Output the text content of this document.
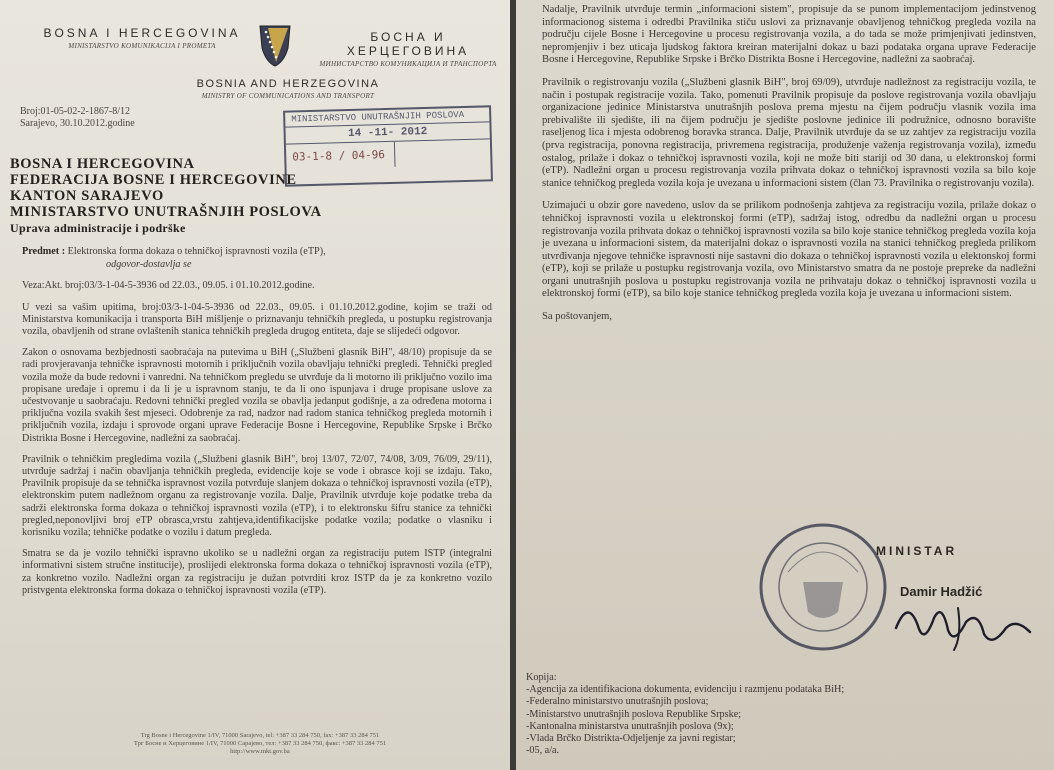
BOSNA I HERCEGOVINA
MINISTARSTVO KOMUNIKACIJA I PROMETA
БОСНА И ХЕРЦЕГОВИНА
МИНИСТАРСТВО КОМУНИКАЦИЈА И ТРАНСПОРТА
BOSNIA AND HERZEGOVINA
MINISTRY OF COMMUNICATIONS AND TRANSPORT
Broj:01-05-02-2-1867-8/12
Sarajevo, 30.10.2012.godine	MINISTARSTVO UNUTRAŠNJIH POSLOVA
14 -11- 2012
03-1-8 / 04-96
BOSNA I HERCEGOVINA
FEDERACIJA BOSNE I HERCEGOVINE
KANTON SARAJEVO
MINISTARSTVO UNUTRAŠNJIH POSLOVA
Uprava administracije i podrške

Predmet : Elektronska forma dokaza o tehničkoj ispravnosti vozila (eTP),

odgovor-dostavlja se

Veza:Akt. broj:03/3-1-04-5-3936 od 22.03., 09.05. i 01.10.2012.godine.

U vezi sa vašim upitima, broj:03/3-1-04-5-3936 od 22.03., 09.05. i 01.10.2012.godine, kojim se traži od Ministarstva komunikacija i transporta BiH mišljenje o priznavanju tehničkih pregleda, u postupku registrovanja vozila, obavljenih od strane ovlaštenih stanica tehničkih pregleda drugog entiteta, daje se slijedeći odgovor.

Zakon o osnovama bezbjednosti saobraćaja na putevima u BiH („Službeni glasnik BiH", 48/10) propisuje da se radi provjeravanja tehničke ispravnosti motornih i priključnih vozila obavljaju tehnički pregledi. Tehnički pregled vozila može da bude redovni i vanredni. Na tehničkom pregledu se utvrđuje da li motorno ili priključno vozilo ima propisane uređaje i opremu i da li je u ispravnom stanju, te da li ono ispunjava i druge propisane uslove za učestvovanje u saobraćaju. Redovni tehnički pregled vozila se obavlja jedanput godišnje, a za određena motorna i priključna vozila svakih šest mjeseci. Odobrenje za rad, nadzor nad radom stanica tehničkog pregleda motornih i priključnih vozila, izdaju i sprovode organi uprave Federacije Bosne i Hercegovine, Republike Srpske i Brčko Distrikta Bosne i Hercegovine, nadležni za saobraćaj.

Pravilnik o tehničkim pregledima vozila („Službeni glasnik BiH", broj 13/07, 72/07, 74/08, 3/09, 76/09, 29/11), utvrđuje sadržaj i način obavljanja tehničkih pregleda, evidencije koje se vode i obrasce koji se izdaju. Tako, Pravilnik propisuje da se tehnička ispravnost vozila potvrđuje slanjem dokaza o tehničkoj ispravnosti vozila (eTP), elektronskim putem nadležnom organu za registrovanje vozila. Dalje, Pravilnik utvrđuje koje podatke treba da sadrži elektronska forma dokaza o tehničkoj ispravnosti vozila (eTP), i to elektronsku šifru stanice za tehnički pregled,neponovljivi broj eTP obrasca,vrstu zahtjeva,identifikacijske podatke vozila; podatke o vlasniku i korisniku vozila; tehničke podatke o vozilu i datum pregleda.

Smatra se da je vozilo tehnički ispravno ukoliko se u nadležni organ za registraciju putem ISTP (integralni informativni sistem stručne institucije), proslijedi elektronska forma dokaza o tehničkoj ispravnosti vozila (eTP), za konkretno vozilo. Nadležni organ za registraciju je dužan potvrditi kroz ISTP da je za konkretno vozilo pristvgenta elektronska forma dokaza o tehničkoj ispravnosti vozila (eTP).

Trg Bosne i Hercegovine 1/IV, 71000 Sarajevo, tel: +387 33 284 750, fax: +387 33 284 751
Трг Босне и Херцеговине 1/IV, 71000 Сарајево, тел: +387 33 284 750, факс: +387 33 284 751
http://www.mkt.gov.ba

Nadalje, Pravilnik utvrđuje termin „informacioni sistem", propisuje da se punom implementacijom jedinstvenog informacionog sistema i odredbi Pravilnika stiču uslovi za priznavanje obavljenog tehničkog pregleda vozila na području cijele Bosne i Hercegovine u procesu registrovanja vozila, a do tada se može primjenjivati jedinstven, nepromjenjiv i bez uticaja ljudskog faktora kreiran materijalni dokaz u bazi podataka organa uprave Federacije Bosne i Hercegovine, Republike Srpske i Brčko Distrikta Bosne i Hercegovine, nadležni za saobraćaj.

Pravilnik o registrovanju vozila („Službeni glasnik BiH", broj 69/09), utvrđuje nadležnost za registraciju vozila, te način i postupak registracije vozila. Tako, pomenuti Pravilnik propisuje da poslove registrovanja vozila obavljaju organizacione jedinice Ministarstva unutrašnjih poslova prema mjestu na čijem području vlasnik vozila ima prebivalište ili sjedište, ili na čijem području je sjedište poslovne jedinice ili podružnice, odnosno boravište raseljenog lica i mjesta odobrenog boravka stranca. Dalje, Pravilnik utvrđuje da se uz zahtjev za registraciju vozila (prva registracija, ponovna registracija, privremena registracija, produženje važenja registrovanja vozila), između ostalog, prilaže i dokaz o tehničkoj ispravnosti vozila, koji ne može biti stariji od 30 dana, u elektronskoj formi (eTP). Nadležni organ u procesu registrovanja vozila prihvata dokaz o tehničkoj ispravnosti vozila sa bilo koje stanice tehničkog pregleda vozila koja je uvezana u informacioni sistem (član 73. Pravilnika o registrovanju vozila).

Uzimajući u obzir gore navedeno, uslov da se prilikom podnošenja zahtjeva za registraciju vozila, prilaže dokaz o tehničkoj ispravnosti vozila u elektronskoj formi (eTP), sadržaj istog, odredbu da nadležni organ u procesu registrovanja vozila prihvata dokaz o tehničkoj ispravnosti vozila sa bilo koje stanice tehničkog pregleda vozila koja je uvezana u informacioni sistem, da materijalni dokaz o ispravnosti vozila na stanici tehničkog pregleda prilikom utvrđivanja njegove tehničke ispravnosti nije sastavni dio dokaza o tehničkoj ispravnosti vozila u elektonskoj formi (eTP), koji se prilaže u postupku registrovanja vozila, ovo Ministarstvo smatra da ne postoje prepreke da nadležni organi unutrašnjih poslova u postupku registrovanja vozila ne prihvataju dokaz o tehničkoj ispravnosti vozila u elektronskoj formi (eTP), sa bilo koje stanice tehničkog pregleda vozila koja je uvezana u informacioni sistem.

Sa poštovanjem,

MINISTAR
Damir Hadžić
Kopija:
-Agencija za identifikaciona dokumenta, evidenciju i razmjenu podataka BiH;
-Federalno ministarstvo unutrašnjih poslova;
-Ministarstvo unutrašnjih poslova Republike Srpske;
-Kantonalna ministarstva unutrašnjih poslova (9x);
-Vlada Brčko Distrikta-Odjeljenje za javni registar;
-05, a/a.
